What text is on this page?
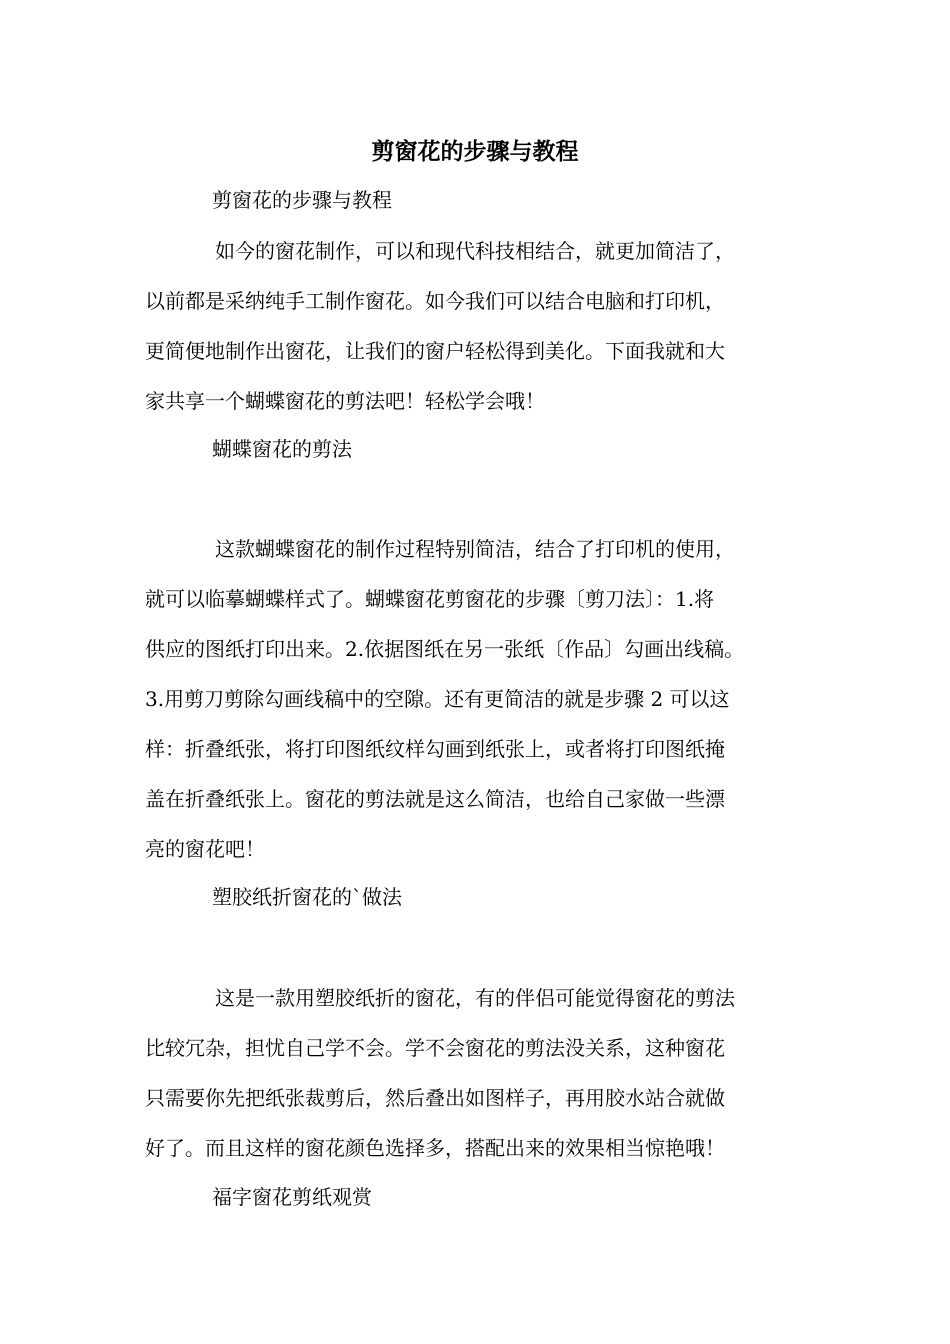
剪窗花的步骤与教程

剪窗花的步骤与教程

如今的窗花制作，可以和现代科技相结合，就更加简洁了，
以前都是采纳纯手工制作窗花。如今我们可以结合电脑和打印机，
更简便地制作出窗花，让我们的窗户轻松得到美化。下面我就和大
家共享一个蝴蝶窗花的剪法吧！轻松学会哦！

蝴蝶窗花的剪法

这款蝴蝶窗花的制作过程特别简洁，结合了打印机的使用，
就可以临摹蝴蝶样式了。蝴蝶窗花剪窗花的步骤〔剪刀法〕：1.将
供应的图纸打印出来。2.依据图纸在另一张纸〔作品〕勾画出线稿。
3.用剪刀剪除勾画线稿中的空隙。还有更简洁的就是步骤 2 可以这
样：折叠纸张，将打印图纸纹样勾画到纸张上，或者将打印图纸掩
盖在折叠纸张上。窗花的剪法就是这么简洁，也给自己家做一些漂
亮的窗花吧！

塑胶纸折窗花的`做法

这是一款用塑胶纸折的窗花，有的伴侣可能觉得窗花的剪法
比较冗杂，担忧自己学不会。学不会窗花的剪法没关系，这种窗花
只需要你先把纸张裁剪后，然后叠出如图样子，再用胶水站合就做
好了。而且这样的窗花颜色选择多，搭配出来的效果相当惊艳哦！

福字窗花剪纸观赏
